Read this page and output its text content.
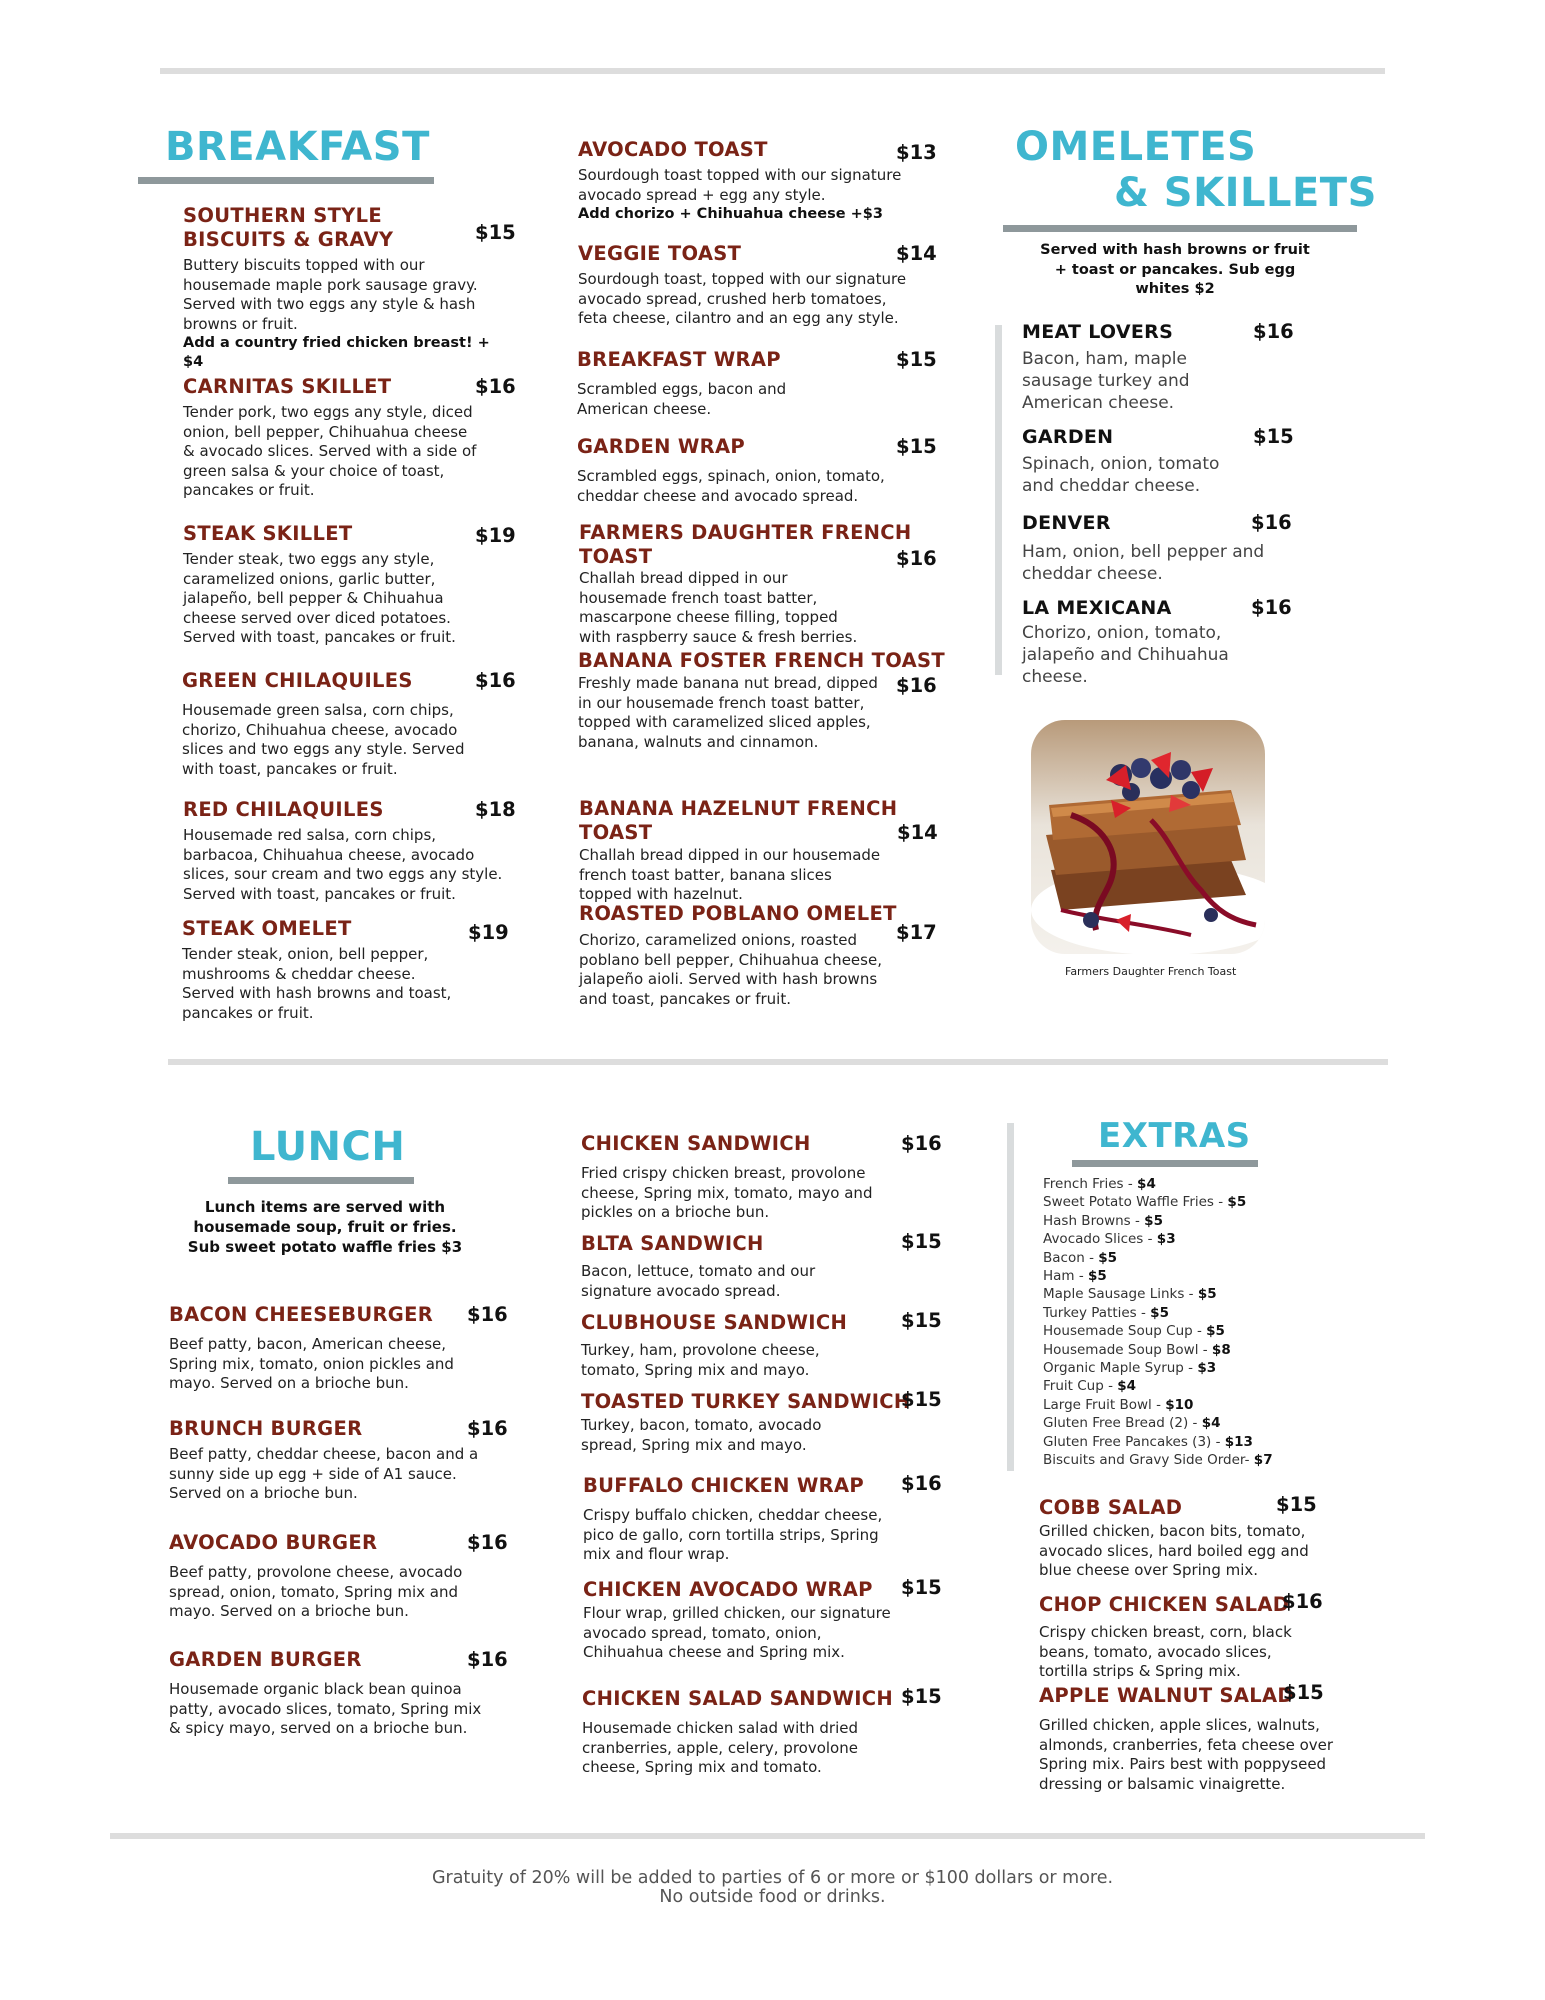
BREAKFAST
SOUTHERN STYLE BISCUITS & GRAVY	$15
Buttery biscuits topped with our housemade maple pork sausage gravy. Served with two eggs any style & hash browns or fruit.
Add a country fried chicken breast! + $4
CARNITAS SKILLET	$16
Tender pork, two eggs any style, diced onion, bell pepper, Chihuahua cheese & avocado slices. Served with a side of green salsa & your choice of toast, pancakes or fruit.
STEAK SKILLET	$19
Tender steak, two eggs any style, caramelized onions, garlic butter, jalapeño, bell pepper & Chihuahua cheese served over diced potatoes. Served with toast, pancakes or fruit.
GREEN CHILAQUILES	$16
Housemade green salsa, corn chips, chorizo, Chihuahua cheese, avocado slices and two eggs any style. Served with toast, pancakes or fruit.
RED CHILAQUILES	$18
Housemade red salsa, corn chips, barbacoa, Chihuahua cheese, avocado slices, sour cream and two eggs any style. Served with toast, pancakes or fruit.
STEAK OMELET	$19
Tender steak, onion, bell pepper, mushrooms & cheddar cheese. Served with hash browns and toast, pancakes or fruit.
AVOCADO TOAST	$13
Sourdough toast topped with our signature avocado spread + egg any style.
Add chorizo + Chihuahua cheese +$3
VEGGIE TOAST	$14
Sourdough toast, topped with our signature avocado spread, crushed herb tomatoes, feta cheese, cilantro and an egg any style.
BREAKFAST WRAP	$15
Scrambled eggs, bacon and American cheese.
GARDEN WRAP	$15
Scrambled eggs, spinach, onion, tomato, cheddar cheese and avocado spread.
FARMERS DAUGHTER FRENCH TOAST	$16
Challah bread dipped in our housemade french toast batter, mascarpone cheese filling, topped with raspberry sauce & fresh berries.
BANANA FOSTER FRENCH TOAST
$16
Freshly made banana nut bread, dipped in our housemade french toast batter, topped with caramelized sliced apples, banana, walnuts and cinnamon.
BANANA HAZELNUT FRENCH TOAST	$14
Challah bread dipped in our housemade french toast batter, banana slices topped with hazelnut.
ROASTED POBLANO OMELET
$17
Chorizo, caramelized onions, roasted poblano bell pepper, Chihuahua cheese, jalapeño aioli. Served with hash browns and toast, pancakes or fruit.
OMELETES
& SKILLETS
Served with hash browns or fruit + toast or pancakes. Sub egg whites $2
MEAT LOVERS	$16
Bacon, ham, maple sausage turkey and American cheese.
GARDEN	$15
Spinach, onion, tomato and cheddar cheese.
DENVER	$16
Ham, onion, bell pepper and cheddar cheese.
LA MEXICANA	$16
Chorizo, onion, tomato, jalapeño and Chihuahua cheese.
Farmers Daughter French Toast
LUNCH
Lunch items are served with housemade soup, fruit or fries. Sub sweet potato waffle fries $3
BACON CHEESEBURGER	$16
Beef patty, bacon, American cheese, Spring mix, tomato, onion pickles and mayo. Served on a brioche bun.
BRUNCH BURGER	$16
Beef patty, cheddar cheese, bacon and a sunny side up egg + side of A1 sauce. Served on a brioche bun.
AVOCADO BURGER	$16
Beef patty, provolone cheese, avocado spread, onion, tomato, Spring mix and mayo. Served on a brioche bun.
GARDEN BURGER	$16
Housemade organic black bean quinoa patty, avocado slices, tomato, Spring mix & spicy mayo, served on a brioche bun.
CHICKEN SANDWICH	$16
Fried crispy chicken breast, provolone cheese, Spring mix, tomato, mayo and pickles on a brioche bun.
BLTA SANDWICH	$15
Bacon, lettuce, tomato and our signature avocado spread.
CLUBHOUSE SANDWICH	$15
Turkey, ham, provolone cheese, tomato, Spring mix and mayo.
TOASTED TURKEY SANDWICH
$15
Turkey, bacon, tomato, avocado spread, Spring mix and mayo.
BUFFALO CHICKEN WRAP	$16
Crispy buffalo chicken, cheddar cheese, pico de gallo, corn tortilla strips, Spring mix and flour wrap.
CHICKEN AVOCADO WRAP	$15
Flour wrap, grilled chicken, our signature avocado spread, tomato, onion, Chihuahua cheese and Spring mix.
CHICKEN SALAD SANDWICH $15
Housemade chicken salad with dried cranberries, apple, celery, provolone cheese, Spring mix and tomato.
EXTRAS
French Fries - $4
Sweet Potato Waffle Fries - $5
Hash Browns - $5
Avocado Slices - $3
Bacon - $5
Ham - $5
Maple Sausage Links - $5
Turkey Patties - $5
Housemade Soup Cup - $5
Housemade Soup Bowl - $8
Organic Maple Syrup - $3
Fruit Cup - $4
Large Fruit Bowl - $10
Gluten Free Bread (2) - $4
Gluten Free Pancakes (3) - $13
Biscuits and Gravy Side Order- $7
COBB SALAD	$15
Grilled chicken, bacon bits, tomato, avocado slices, hard boiled egg and blue cheese over Spring mix.
CHOP CHICKEN SALAD
$16
Crispy chicken breast, corn, black beans, tomato, avocado slices, tortilla strips & Spring mix.
APPLE WALNUT SALAD
$15
Grilled chicken, apple slices, walnuts, almonds, cranberries, feta cheese over Spring mix. Pairs best with poppyseed dressing or balsamic vinaigrette.
Gratuity of 20% will be added to parties of 6 or more or $100 dollars or more.
No outside food or drinks.
